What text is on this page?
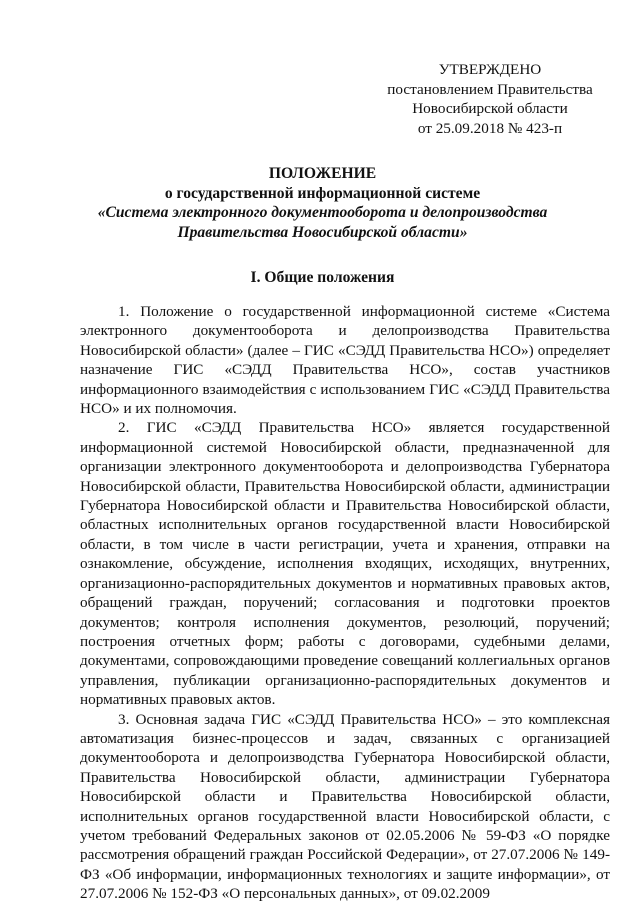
УТВЕРЖДЕНО
постановлением Правительства
Новосибирской области
от 25.09.2018 № 423-п
ПОЛОЖЕНИЕ
о государственной информационной системе
«Система электронного документооборота и делопроизводства
Правительства Новосибирской области»
I. Общие положения

1. Положение о государственной информационной системе «Система электронного документооборота и делопроизводства Правительства Новосибирской области» (далее – ГИС «СЭДД Правительства НСО») определяет назначение ГИС «СЭДД Правительства НСО», состав участников информационного взаимодействия с использованием ГИС «СЭДД Правительства НСО» и их полномочия.

2. ГИС «СЭДД Правительства НСО» является государственной информационной системой Новосибирской области, предназначенной для организации электронного документооборота и делопроизводства Губернатора Новосибирской области, Правительства Новосибирской области, администрации Губернатора Новосибирской области и Правительства Новосибирской области, областных исполнительных органов государственной власти Новосибирской области, в том числе в части регистрации, учета и хранения, отправки на ознакомление, обсуждение, исполнения входящих, исходящих, внутренних, организационно-распорядительных документов и нормативных правовых актов, обращений граждан, поручений; согласования и подготовки проектов документов; контроля исполнения документов, резолюций, поручений; построения отчетных форм; работы с договорами, судебными делами, документами, сопровождающими проведение совещаний коллегиальных органов управления, публикации организационно-распорядительных документов и нормативных правовых актов.

3. Основная задача ГИС «СЭДД Правительства НСО» – это комплексная автоматизация бизнес-процессов и задач, связанных с организацией документооборота и делопроизводства Губернатора Новосибирской области, Правительства Новосибирской области, администрации Губернатора Новосибирской области и Правительства Новосибирской области, исполнительных органов государственной власти Новосибирской области, с учетом требований Федеральных законов от 02.05.2006 № 59-ФЗ «О порядке рассмотрения обращений граждан Российской Федерации», от 27.07.2006 № 149-ФЗ «Об информации, информационных технологиях и защите информации», от 27.07.2006 № 152-ФЗ «О персональных данных», от 09.02.2009
